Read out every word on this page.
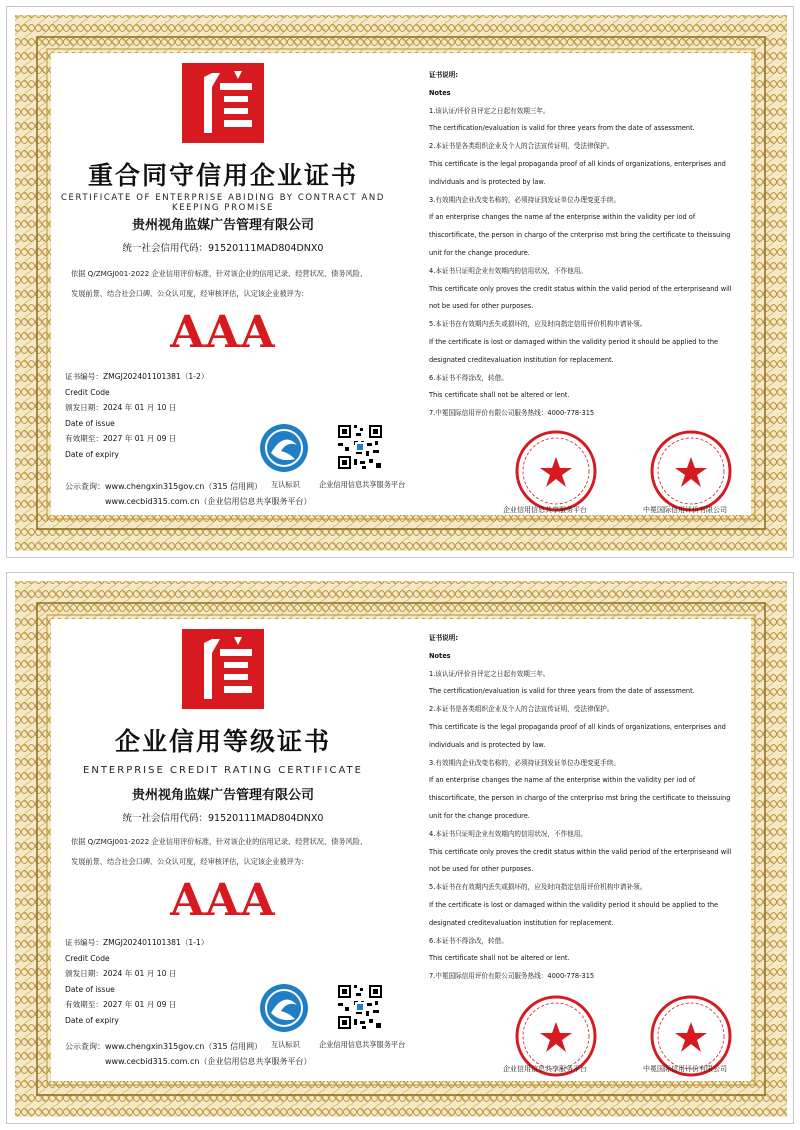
重合同守信用企业证书
CERTIFICATE OF ENTERPRISE ABIDING BY CONTRACT AND KEEPING PROMISE
贵州视角监媒广告管理有限公司
统一社会信用代码：91520111MAD804DNX0
依据 Q/ZMGJ001-2022 企业信用评价标准，针对该企业的信用记录、经营状况、债务风险、
发展前景、结合社会口碑、公众认可度，经审核评估，认定该企业被评为：
AAA
证书编号：ZMGJ202401101381（1-2）
Credit Code
颁发日期：2024 年 01 月 10 日
Date of issue
有效期至：2027 年 01 月 09 日
Date of expiry
互认标识	企业信用信息共享服务平台
公示查询：www.chengxin315gov.cn（315 信用网）
www.cecbid315.com.cn（企业信用信息共享服务平台）
证书说明:
Notes
1.该认证/评价自评定之日起有效期三年。
The certification/evaluation is valid for three years from the date of assessment.
2.本证书是各类组织企业及个人的合法宣传证明，受法律保护。
This certificate is the legal propaganda proof of all kinds of organizations, enterprises and
individuals and is protected by law.
3.有效期内企业改变名称的，必须持证到发证单位办理变更手续。
If an enterprise changes the name af the enterprise within the validity per iod of
thiscortificate, the person in chargo of the cnterpriso mst bring the certificate to theissuing
unit for the change procedure.
4.本证书只证明企业有效期内的信用状况，不作他用。
This certificate only proves the credit status within the valid period of the erterpriseand will
not be used for other purposes.
5.本证书在有效期内丢失或损坏的，应及时向指定信用评价机构申请补领。
If the certificate is lost or damaged within the validity period it should be applied to the
designated creditevaluation institution for replacement.
6.本证书不得涂改，转借。
This certificate shall not be altered or lent.
7.中冕国际信用评价有限公司服务热线：4000-778-315
企业信用信息共享服务平台	中冕国际信用评价有限公司
企业信用等级证书
ENTERPRISE CREDIT RATING CERTIFICATE
贵州视角监媒广告管理有限公司
统一社会信用代码：91520111MAD804DNX0
依据 Q/ZMGJ001-2022 企业信用评价标准，针对该企业的信用记录、经营状况、债务风险、
发展前景、结合社会口碑、公众认可度，经审核评估，认定该企业被评为：
AAA
证书编号：ZMGJ202401101381（1-1）
Credit Code
颁发日期：2024 年 01 月 10 日
Date of issue
有效期至：2027 年 01 月 09 日
Date of expiry
互认标识	企业信用信息共享服务平台
公示查询：www.chengxin315gov.cn（315 信用网）
www.cecbid315.com.cn（企业信用信息共享服务平台）
证书说明:
Notes
1.该认证/评价自评定之日起有效期三年。
The certification/evaluation is valid for three years from the date of assessment.
2.本证书是各类组织企业及个人的合法宣传证明，受法律保护。
This certificate is the legal propaganda proof of all kinds of organizations, enterprises and
individuals and is protected by law.
3.有效期内企业改变名称的，必须持证到发证单位办理变更手续。
If an enterprise changes the name af the enterprise within the validity per iod of
thiscortificate, the person in chargo of the cnterpriso mst bring the certificate to theissuing
unit for the change procedure.
4.本证书只证明企业有效期内的信用状况，不作他用。
This certificate only proves the credit status within the valid period of the erterpriseand will
not be used for other purposes.
5.本证书在有效期内丢失或损坏的，应及时向指定信用评价机构申请补领。
If the certificate is lost or damaged within the validity period it should be applied to the
designated creditevaluation institution for replacement.
6.本证书不得涂改，转借。
This certificate shall not be altered or lent.
7.中冕国际信用评价有限公司服务热线：4000-778-315
企业信用信息共享服务平台	中冕国际信用评价有限公司
